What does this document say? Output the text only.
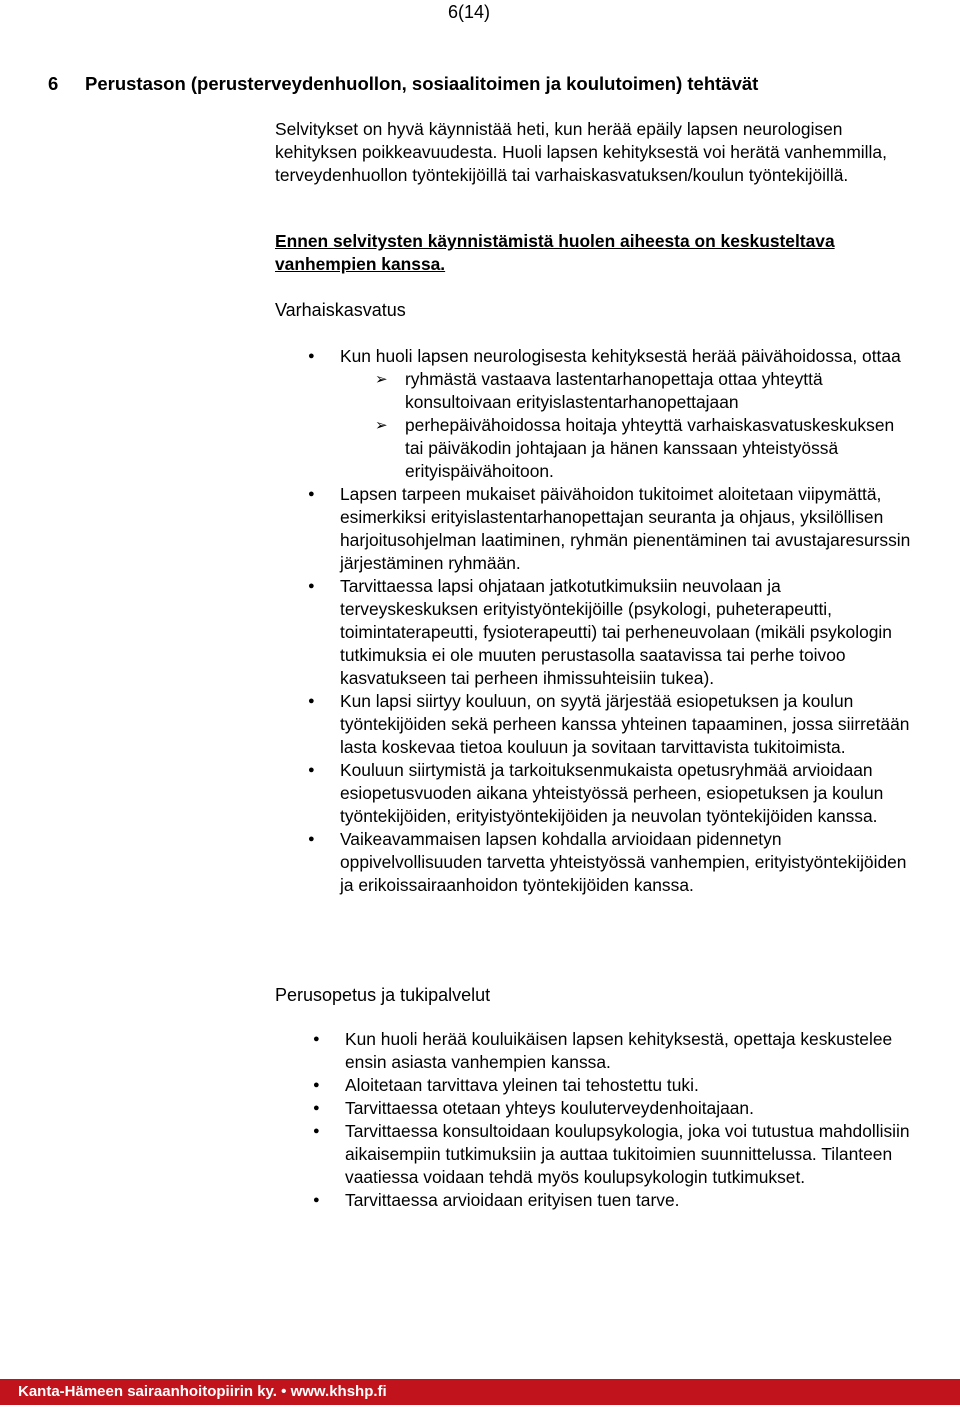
6(14)
6 Perustason (perusterveydenhuollon, sosiaalitoimen ja koulutoimen) tehtävät

Selvitykset on hyvä käynnistää heti, kun herää epäily lapsen neurologisen kehityksen poikkeavuudesta. Huoli lapsen kehityksestä voi herätä vanhemmilla, terveydenhuollon työntekijöillä tai varhaiskasvatuksen/koulun työntekijöillä.

Ennen selvitysten käynnistämistä huolen aiheesta on keskusteltava vanhempien kanssa.

Varhaiskasvatus

● Kun huoli lapsen neurologisesta kehityksestä herää päivähoidossa, ottaa
➢ ryhmästä vastaava lastentarhanopettaja ottaa yhteyttä konsultoivaan erityislastentarhanopettajaan
➢ perhepäivähoidossa hoitaja yhteyttä varhaiskasvatuskeskuksen tai päiväkodin johtajaan ja hänen kanssaan yhteistyössä erityispäivähoitoon.
● Lapsen tarpeen mukaiset päivähoidon tukitoimet aloitetaan viipymättä, esimerkiksi erityislastentarhanopettajan seuranta ja ohjaus, yksilöllisen harjoitusohjelman laatiminen, ryhmän pienentäminen tai avustajaresurssin järjestäminen ryhmään.
● Tarvittaessa lapsi ohjataan jatkotutkimuksiin neuvolaan ja terveyskeskuksen erityistyöntekijöille (psykologi, puheterapeutti, toimintaterapeutti, fysioterapeutti) tai perheneuvolaan (mikäli psykologin tutkimuksia ei ole muuten perustasolla saatavissa tai perhe toivoo kasvatukseen tai perheen ihmissuhteisiin tukea).
● Kun lapsi siirtyy kouluun, on syytä järjestää esiopetuksen ja koulun työntekijöiden sekä perheen kanssa yhteinen tapaaminen, jossa siirretään lasta koskevaa tietoa kouluun ja sovitaan tarvittavista tukitoimista.
● Kouluun siirtymistä ja tarkoituksenmukaista opetusryhmää arvioidaan esiopetusvuoden aikana yhteistyössä perheen, esiopetuksen ja koulun työntekijöiden, erityistyöntekijöiden ja neuvolan työntekijöiden kanssa.
● Vaikeavammaisen lapsen kohdalla arvioidaan pidennetyn oppivelvollisuuden tarvetta yhteistyössä vanhempien, erityistyöntekijöiden ja erikoissairaanhoidon työntekijöiden kanssa.

Perusopetus ja tukipalvelut

● Kun huoli herää kouluikäisen lapsen kehityksestä, opettaja keskustelee ensin asiasta vanhempien kanssa.
● Aloitetaan tarvittava yleinen tai tehostettu tuki.
● Tarvittaessa otetaan yhteys kouluterveydenhoitajaan.
● Tarvittaessa konsultoidaan koulupsykologia, joka voi tutustua mahdollisiin aikaisempiin tutkimuksiin ja auttaa tukitoimien suunnittelussa. Tilanteen vaatiessa voidaan tehdä myös koulupsykologin tutkimukset.
● Tarvittaessa arvioidaan erityisen tuen tarve.
Kanta-Hämeen sairaanhoitopiirin ky. • www.khshp.fi
